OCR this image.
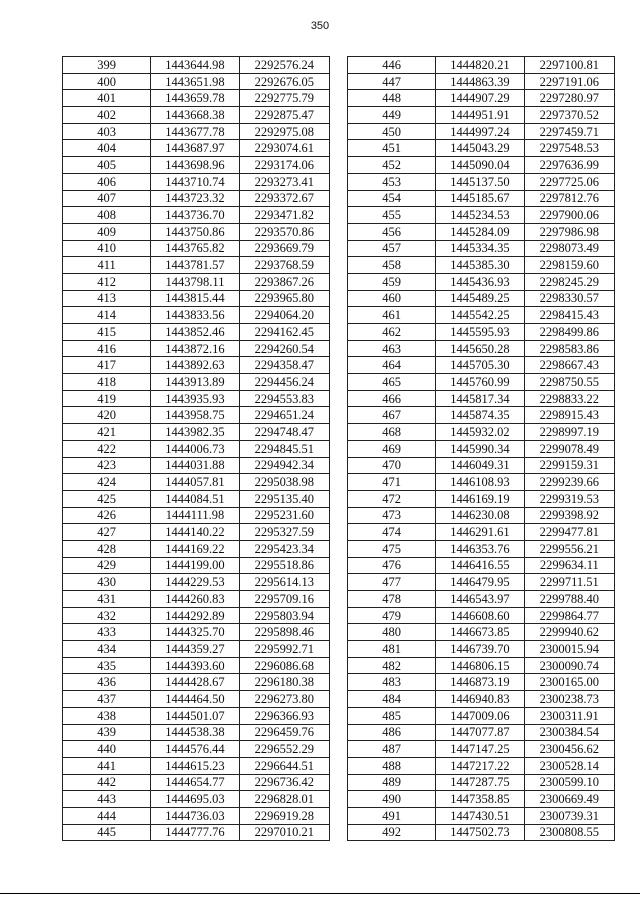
350
399	1443644.98	2292576.24
400	1443651.98	2292676.05
401	1443659.78	2292775.79
402	1443668.38	2292875.47
403	1443677.78	2292975.08
404	1443687.97	2293074.61
405	1443698.96	2293174.06
406	1443710.74	2293273.41
407	1443723.32	2293372.67
408	1443736.70	2293471.82
409	1443750.86	2293570.86
410	1443765.82	2293669.79
411	1443781.57	2293768.59
412	1443798.11	2293867.26
413	1443815.44	2293965.80
414	1443833.56	2294064.20
415	1443852.46	2294162.45
416	1443872.16	2294260.54
417	1443892.63	2294358.47
418	1443913.89	2294456.24
419	1443935.93	2294553.83
420	1443958.75	2294651.24
421	1443982.35	2294748.47
422	1444006.73	2294845.51
423	1444031.88	2294942.34
424	1444057.81	2295038.98
425	1444084.51	2295135.40
426	1444111.98	2295231.60
427	1444140.22	2295327.59
428	1444169.22	2295423.34
429	1444199.00	2295518.86
430	1444229.53	2295614.13
431	1444260.83	2295709.16
432	1444292.89	2295803.94
433	1444325.70	2295898.46
434	1444359.27	2295992.71
435	1444393.60	2296086.68
436	1444428.67	2296180.38
437	1444464.50	2296273.80
438	1444501.07	2296366.93
439	1444538.38	2296459.76
440	1444576.44	2296552.29
441	1444615.23	2296644.51
442	1444654.77	2296736.42
443	1444695.03	2296828.01
444	1444736.03	2296919.28
445	1444777.76	2297010.21
446	1444820.21	2297100.81
447	1444863.39	2297191.06
448	1444907.29	2297280.97
449	1444951.91	2297370.52
450	1444997.24	2297459.71
451	1445043.29	2297548.53
452	1445090.04	2297636.99
453	1445137.50	2297725.06
454	1445185.67	2297812.76
455	1445234.53	2297900.06
456	1445284.09	2297986.98
457	1445334.35	2298073.49
458	1445385.30	2298159.60
459	1445436.93	2298245.29
460	1445489.25	2298330.57
461	1445542.25	2298415.43
462	1445595.93	2298499.86
463	1445650.28	2298583.86
464	1445705.30	2298667.43
465	1445760.99	2298750.55
466	1445817.34	2298833.22
467	1445874.35	2298915.43
468	1445932.02	2298997.19
469	1445990.34	2299078.49
470	1446049.31	2299159.31
471	1446108.93	2299239.66
472	1446169.19	2299319.53
473	1446230.08	2299398.92
474	1446291.61	2299477.81
475	1446353.76	2299556.21
476	1446416.55	2299634.11
477	1446479.95	2299711.51
478	1446543.97	2299788.40
479	1446608.60	2299864.77
480	1446673.85	2299940.62
481	1446739.70	2300015.94
482	1446806.15	2300090.74
483	1446873.19	2300165.00
484	1446940.83	2300238.73
485	1447009.06	2300311.91
486	1447077.87	2300384.54
487	1447147.25	2300456.62
488	1447217.22	2300528.14
489	1447287.75	2300599.10
490	1447358.85	2300669.49
491	1447430.51	2300739.31
492	1447502.73	2300808.55
